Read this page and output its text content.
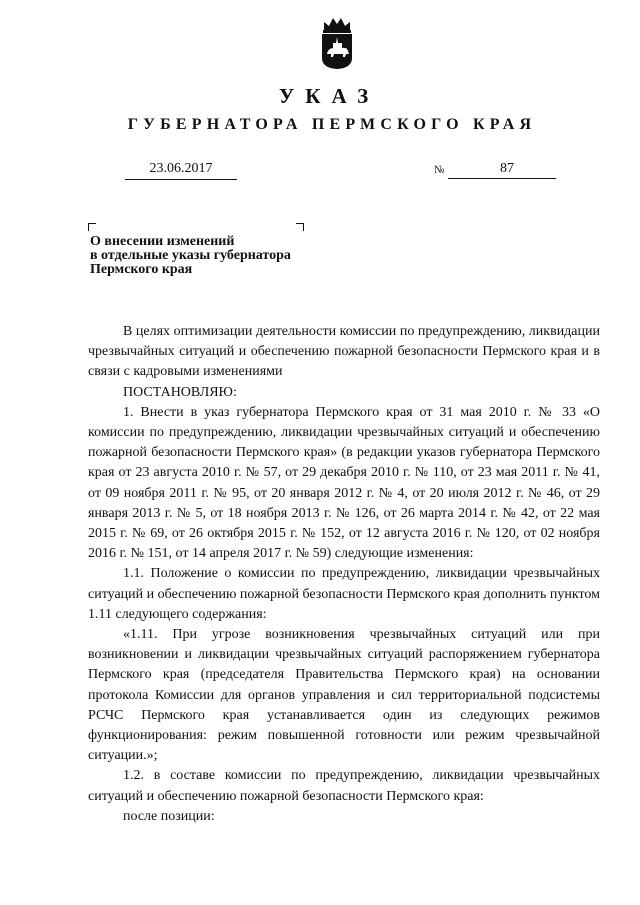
УКАЗ
ГУБЕРНАТОРА ПЕРМСКОГО КРАЯ
23.06.2017	№	87
О внесении изменений
в отдельные указы губернатора
Пермского края

В целях оптимизации деятельности комиссии по предупреждению, ликвидации чрезвычайных ситуаций и обеспечению пожарной безопасности Пермского края и в связи с кадровыми изменениями

ПОСТАНОВЛЯЮ:

1. Внести в указ губернатора Пермского края от 31 мая 2010 г. № 33 «О комиссии по предупреждению, ликвидации чрезвычайных ситуаций и обеспечению пожарной безопасности Пермского края» (в редакции указов губернатора Пермского края от 23 августа 2010 г. № 57, от 29 декабря 2010 г. № 110, от 23 мая 2011 г. № 41, от 09 ноября 2011 г. № 95, от 20 января 2012 г. № 4, от 20 июля 2012 г. № 46, от 29 января 2013 г. № 5, от 18 ноября 2013 г. № 126, от 26 марта 2014 г. № 42, от 22 мая 2015 г. № 69, от 26 октября 2015 г. № 152, от 12 августа 2016 г. № 120, от 02 ноября 2016 г. № 151, от 14 апреля 2017 г. № 59) следующие изменения:

1.1. Положение о комиссии по предупреждению, ликвидации чрезвычайных ситуаций и обеспечению пожарной безопасности Пермского края дополнить пунктом 1.11 следующего содержания:

«1.11. При угрозе возникновения чрезвычайных ситуаций или при возникновении и ликвидации чрезвычайных ситуаций распоряжением губернатора Пермского края (председателя Правительства Пермского края) на основании протокола Комиссии для органов управления и сил территориальной подсистемы РСЧС Пермского края устанавливается один из следующих режимов функционирования: режим повышенной готовности или режим чрезвычайной ситуации.»;

1.2. в составе комиссии по предупреждению, ликвидации чрезвычайных ситуаций и обеспечению пожарной безопасности Пермского края:

после позиции:
